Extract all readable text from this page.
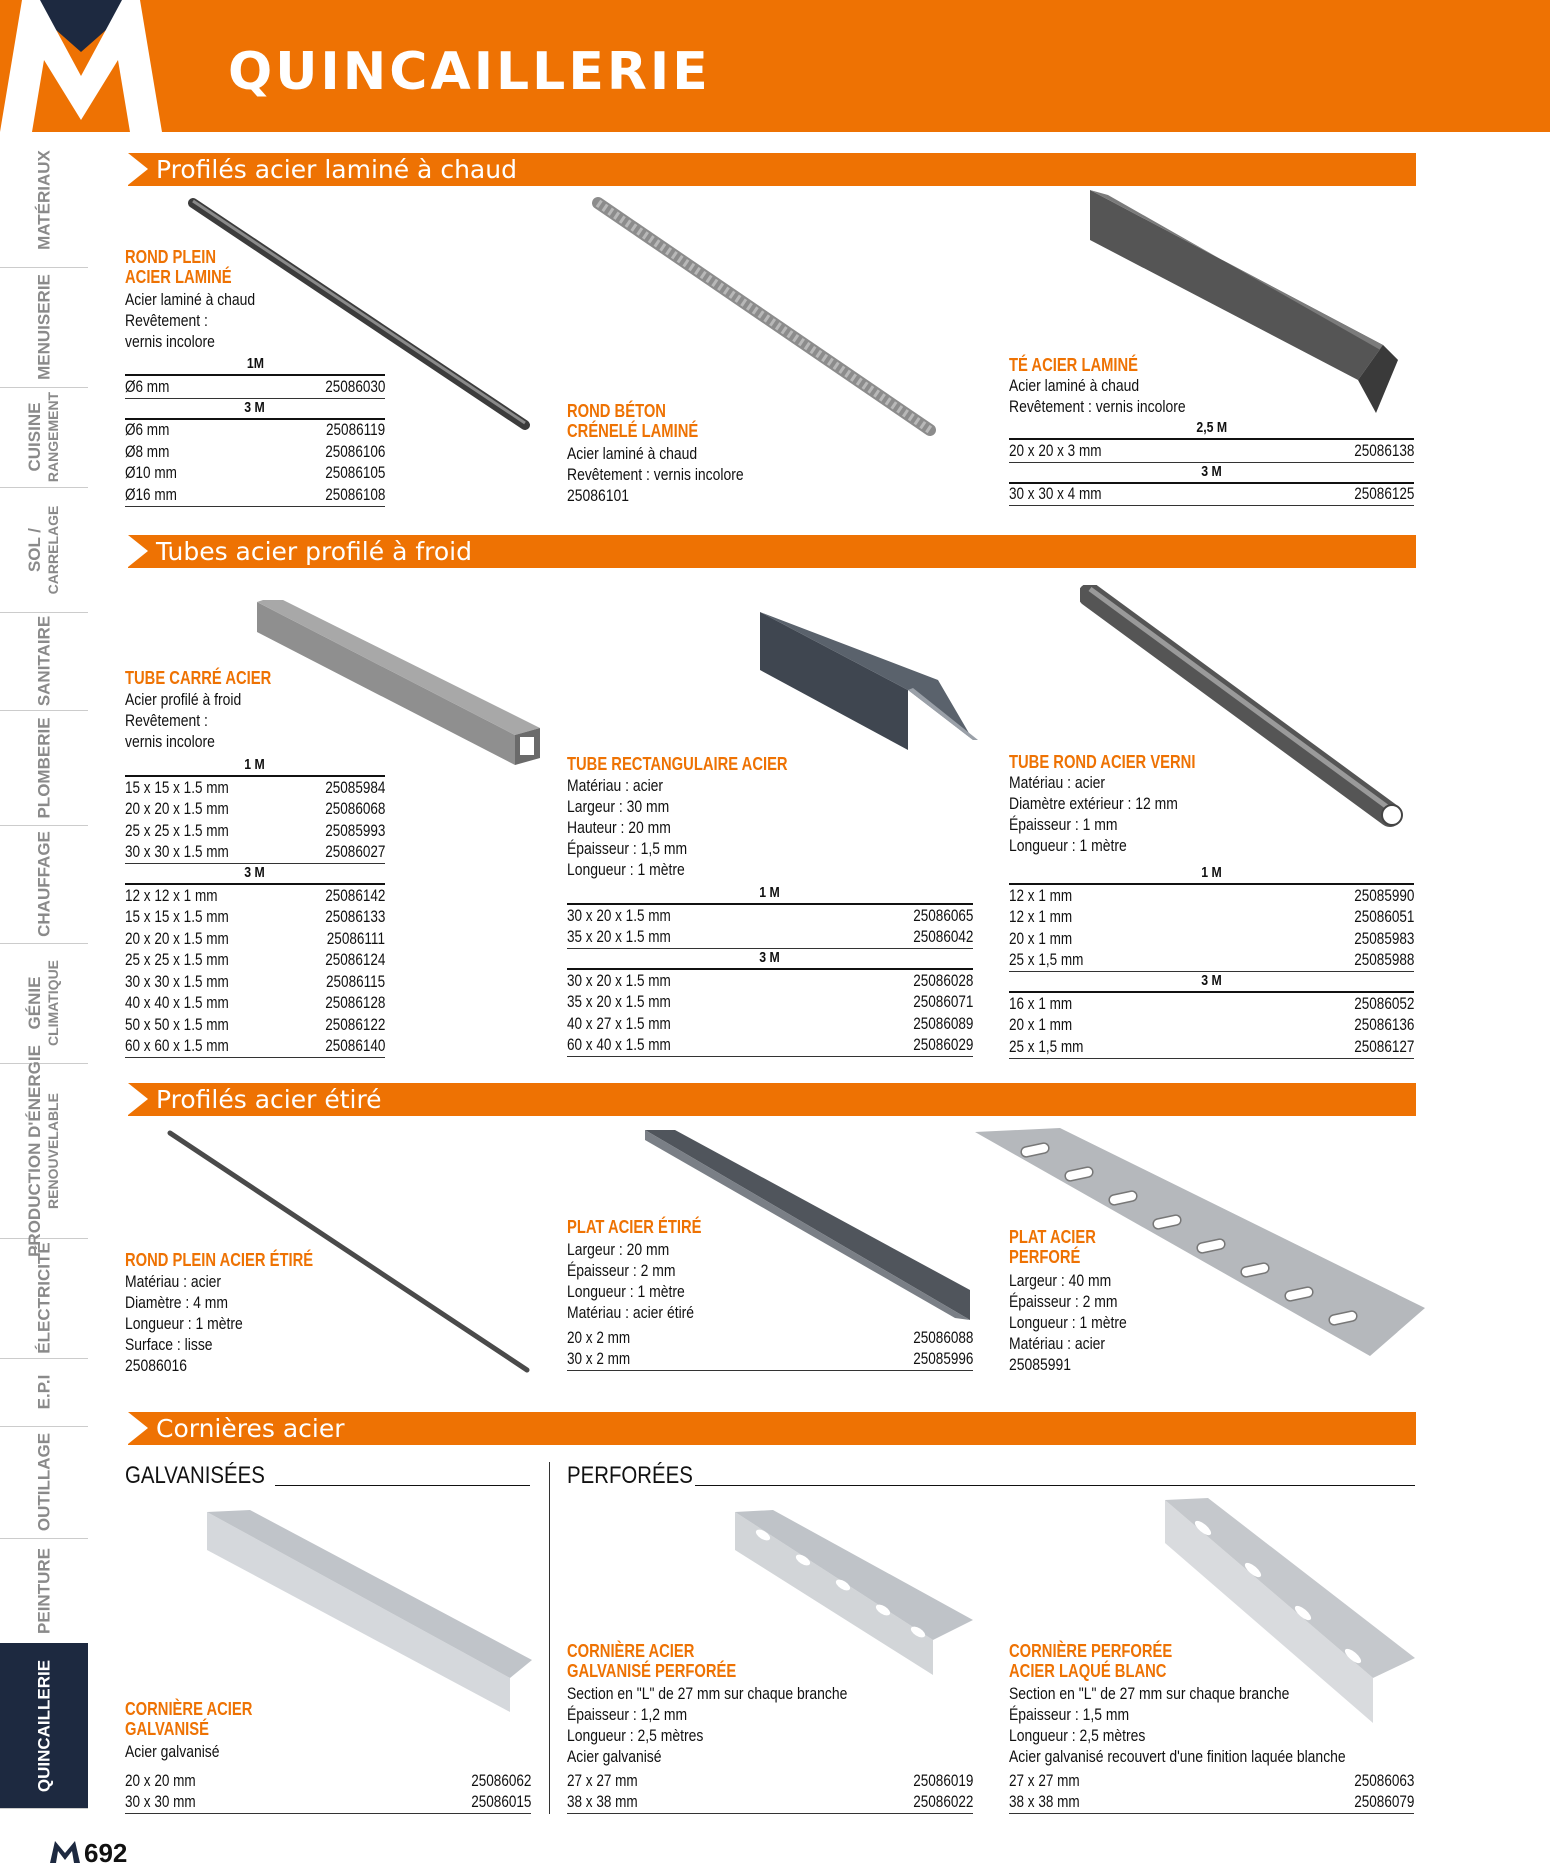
QUINCAILLERIE
MATÉRIAUX
MENUISERIE
CUISINE RANGEMENT
SOL / CARRELAGE
SANITAIRE
PLOMBERIE
CHAUFFAGE
GÉNIE CLIMATIQUE
PRODUCTION D'ÉNERGIE RENOUVELABLE
ÉLECTRICITÉ
E.P.I
OUTILLAGE
PEINTURE
QUINCAILLERIE
Profilés acier laminé à chaud
Tubes acier profilé à froid
Profilés acier étiré
Cornières acier
ROND PLEIN
ACIER LAMINÉ
Acier laminé à chaud
Revêtement :
vernis incolore
1M
Ø6 mm	25086030
3 M
Ø6 mm	25086119
Ø8 mm	25086106
Ø10 mm	25086105
Ø16 mm	25086108
ROND BÉTON
CRÉNELÉ LAMINÉ
Acier laminé à chaud
Revêtement : vernis incolore
25086101
TÉ ACIER LAMINÉ
Acier laminé à chaud
Revêtement : vernis incolore
2,5 M
20 x 20 x 3 mm	25086138
3 M
30 x 30 x 4 mm	25086125
TUBE CARRÉ ACIER
Acier profilé à froid
Revêtement :
vernis incolore
1 M
15 x 15 x 1.5 mm	25085984
20 x 20 x 1.5 mm	25086068
25 x 25 x 1.5 mm	25085993
30 x 30 x 1.5 mm	25086027
3 M
12 x 12 x 1 mm	25086142
15 x 15 x 1.5 mm	25086133
20 x 20 x 1.5 mm	25086111
25 x 25 x 1.5 mm	25086124
30 x 30 x 1.5 mm	25086115
40 x 40 x 1.5 mm	25086128
50 x 50 x 1.5 mm	25086122
60 x 60 x 1.5 mm	25086140
TUBE RECTANGULAIRE ACIER
Matériau : acier
Largeur : 30 mm
Hauteur : 20 mm
Épaisseur : 1,5 mm
Longueur : 1 mètre
1 M
30 x 20 x 1.5 mm	25086065
35 x 20 x 1.5 mm	25086042
3 M
30 x 20 x 1.5 mm	25086028
35 x 20 x 1.5 mm	25086071
40 x 27 x 1.5 mm	25086089
60 x 40 x 1.5 mm	25086029
TUBE ROND ACIER VERNI
Matériau : acier
Diamètre extérieur : 12 mm
Épaisseur : 1 mm
Longueur : 1 mètre
1 M
12 x 1 mm	25085990
12 x 1 mm	25086051
20 x 1 mm	25085983
25 x 1,5 mm	25085988
3 M
16 x 1 mm	25086052
20 x 1 mm	25086136
25 x 1,5 mm	25086127
ROND PLEIN ACIER ÉTIRÉ
Matériau : acier
Diamètre : 4 mm
Longueur : 1 mètre
Surface : lisse
25086016
PLAT ACIER ÉTIRÉ
Largeur : 20 mm
Épaisseur : 2 mm
Longueur : 1 mètre
Matériau : acier étiré
20 x 2 mm	25086088
30 x 2 mm	25085996
PLAT ACIER
PERFORÉ
Largeur : 40 mm
Épaisseur : 2 mm
Longueur : 1 mètre
Matériau : acier
25085991
GALVANISÉES	PERFORÉES
CORNIÈRE ACIER
GALVANISÉ
Acier galvanisé
20 x 20 mm	25086062
30 x 30 mm	25086015
CORNIÈRE ACIER
GALVANISÉ PERFORÉE
Section en "L" de 27 mm sur chaque branche
Épaisseur : 1,2 mm
Longueur : 2,5 mètres
Acier galvanisé
27 x 27 mm	25086019
38 x 38 mm	25086022
CORNIÈRE PERFORÉE
ACIER LAQUÉ BLANC
Section en "L" de 27 mm sur chaque branche
Épaisseur : 1,5 mm
Longueur : 2,5 mètres
Acier galvanisé recouvert d'une finition laquée blanche
27 x 27 mm	25086063
38 x 38 mm	25086079
692
